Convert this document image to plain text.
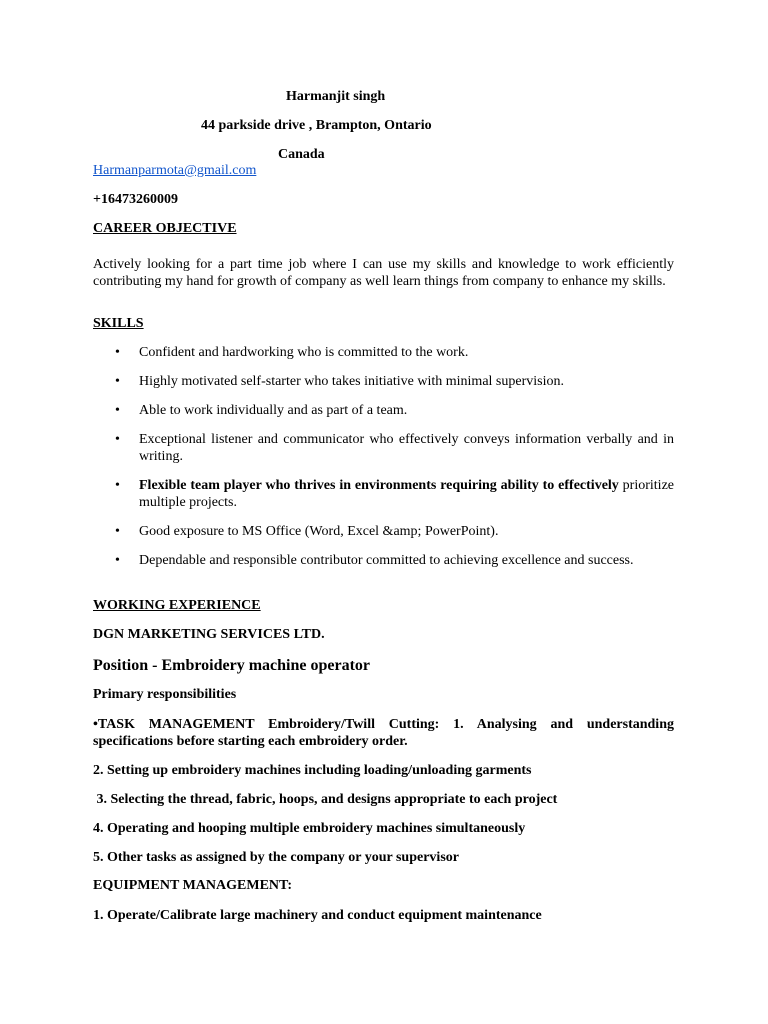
Harmanjit singh

44 parkside drive , Brampton, Ontario

Canada

Harmanparmota@gmail.com

+16473260009

CAREER OBJECTIVE

Actively looking for a part time job where I can use my skills and knowledge to work efficiently contributing my hand for growth of company as well learn things from company to enhance my skills.

SKILLS

• Confident and hardworking who is committed to the work.
• Highly motivated self-starter who takes initiative with minimal supervision.
• Able to work individually and as part of a team.
• Exceptional listener and communicator who effectively conveys information verbally and in writing.
• Flexible team player who thrives in environments requiring ability to effectively prioritize multiple projects.
• Good exposure to MS Office (Word, Excel &amp; PowerPoint).
• Dependable and responsible contributor committed to achieving excellence and success.

WORKING EXPERIENCE

DGN MARKETING SERVICES LTD.

Position - Embroidery machine operator

Primary responsibilities

•TASK MANAGEMENT Embroidery/Twill Cutting: 1. Analysing and understanding specifications before starting each embroidery order.

2. Setting up embroidery machines including loading/unloading garments

3. Selecting the thread, fabric, hoops, and designs appropriate to each project

4. Operating and hooping multiple embroidery machines simultaneously

5. Other tasks as assigned by the company or your supervisor

EQUIPMENT MANAGEMENT:

1. Operate/Calibrate large machinery and conduct equipment maintenance
